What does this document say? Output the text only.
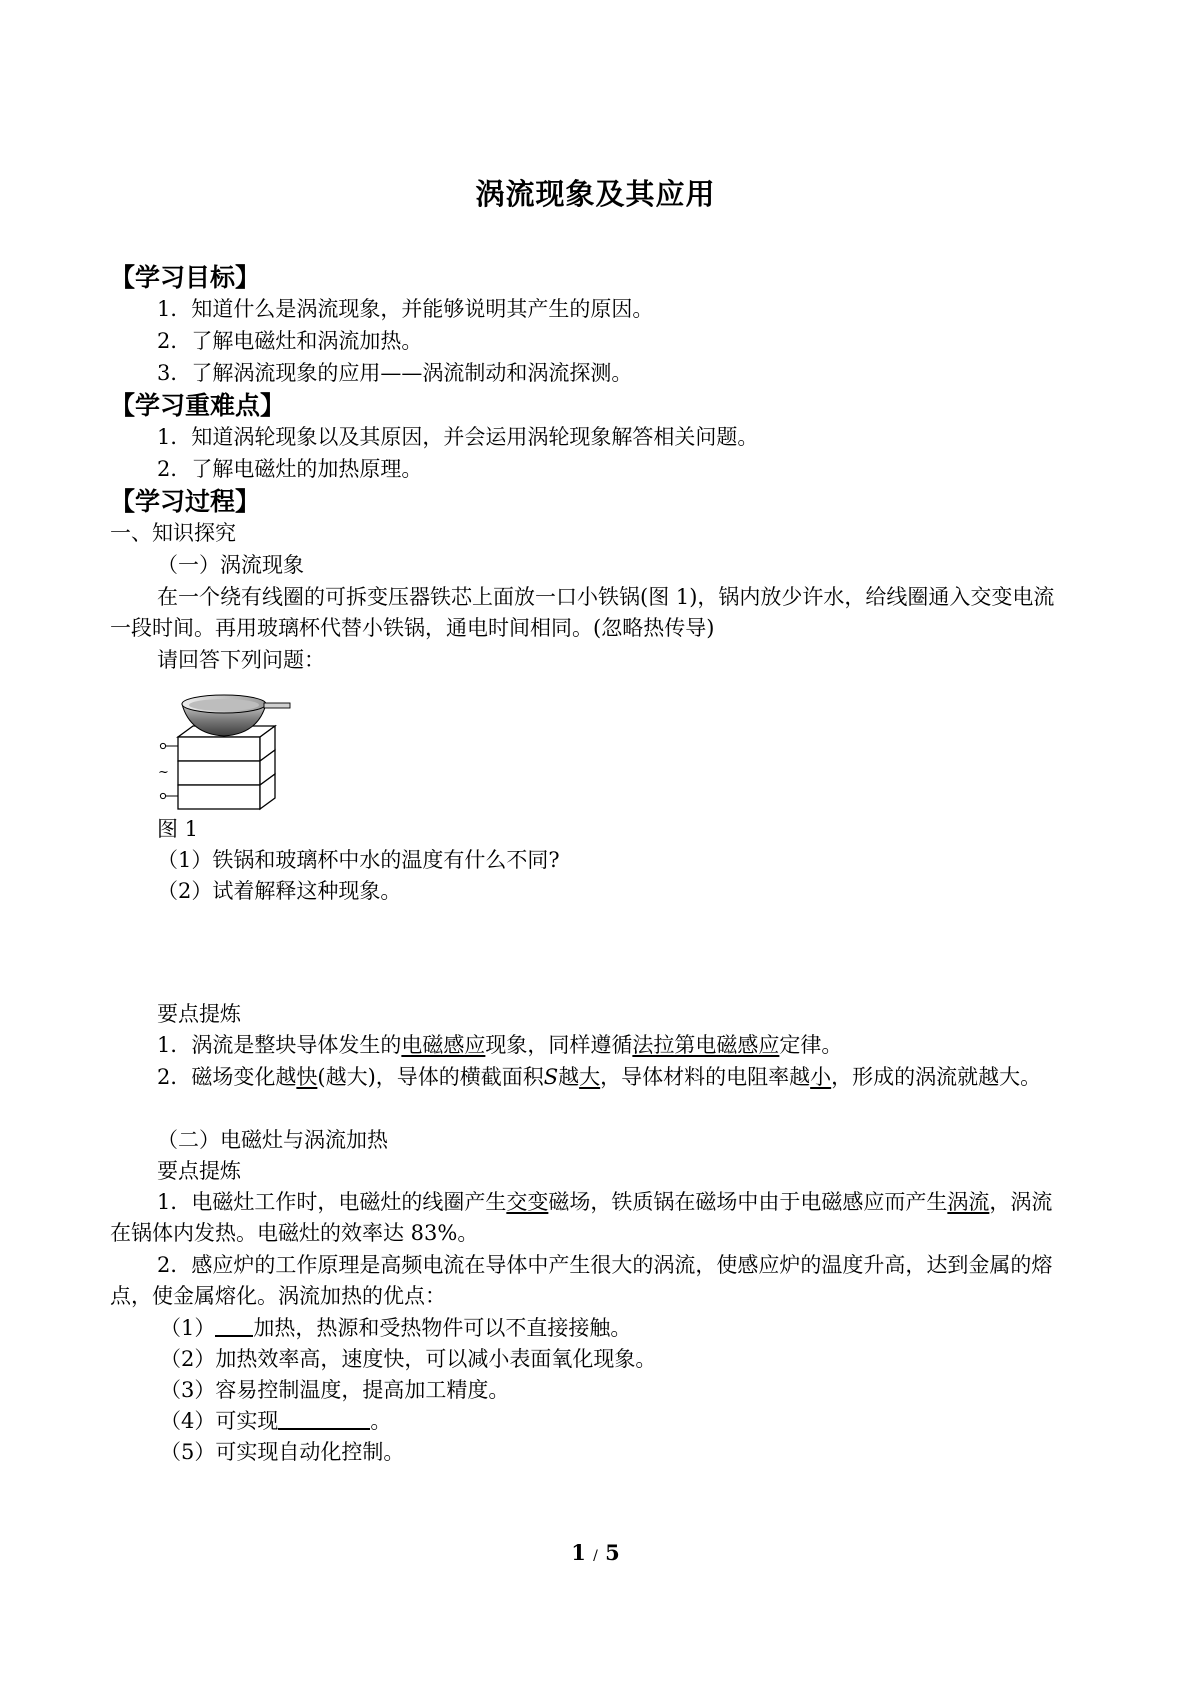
涡流现象及其应用
【学习目标】
1．知道什么是涡流现象，并能够说明其产生的原因。
2．了解电磁灶和涡流加热。
3．了解涡流现象的应用——涡流制动和涡流探测。
【学习重难点】
1．知道涡轮现象以及其原因，并会运用涡轮现象解答相关问题。
2．了解电磁灶的加热原理。
【学习过程】
一、知识探究
（一）涡流现象
在一个绕有线圈的可拆变压器铁芯上面放一口小铁锅(图 1)，锅内放少许水，给线圈通入交变电流一段时间。再用玻璃杯代替小铁锅，通电时间相同。(忽略热传导)
请回答下列问题：
~
图 1
（1）铁锅和玻璃杯中水的温度有什么不同?
（2）试着解释这种现象。
要点提炼
1．涡流是整块导体发生的电磁感应现象，同样遵循法拉第电磁感应定律。
2．磁场变化越快(越大)，导体的横截面积S越大，导体材料的电阻率越小，形成的涡流就越大。
（二）电磁灶与涡流加热
要点提炼
1．电磁灶工作时，电磁灶的线圈产生交变磁场，铁质锅在磁场中由于电磁感应而产生涡流，涡流在锅体内发热。电磁灶的效率达 83%。
2．感应炉的工作原理是高频电流在导体中产生很大的涡流，使感应炉的温度升高，达到金属的熔点，使金属熔化。涡流加热的优点：
（1） 加热，热源和受热物件可以不直接接触。
（2）加热效率高，速度快，可以减小表面氧化现象。
（3）容易控制温度，提高加工精度。
（4）可实现	。
（5）可实现自动化控制。
1 / 5
